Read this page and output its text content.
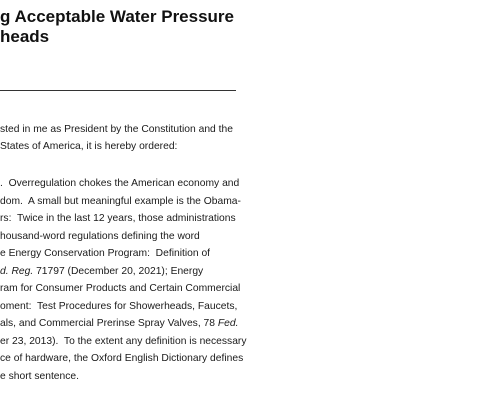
g Acceptable Water Pressure
heads
sted in me as President by the Constitution and the
States of America, it is hereby ordered:
.  Overregulation chokes the American economy and
dom.  A small but meaningful example is the Obama-
rs:  Twice in the last 12 years, those administrations
housand-word regulations defining the word
e Energy Conservation Program:  Definition of
d. Reg. 71797 (December 20, 2021); Energy
ram for Consumer Products and Certain Commercial
oment:  Test Procedures for Showerheads, Faucets,
als, and Commercial Prerinse Spray Valves, 78 Fed.
er 23, 2013).  To the extent any definition is necessary
ce of hardware, the Oxford English Dictionary defines
e short sentence.
